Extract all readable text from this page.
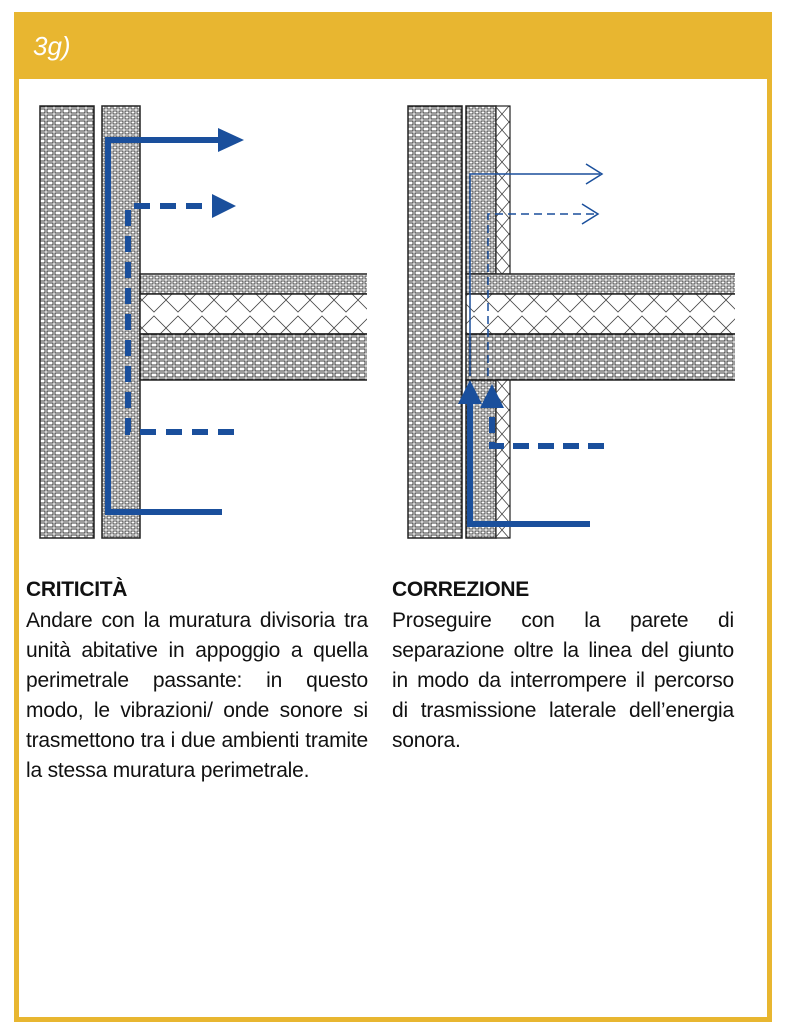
3g)
CRITICITÀ

Andare con la muratura divisoria tra unità abitative in appoggio a quella perimetrale passante: in questo modo, le vibrazioni/ onde sonore si trasmettono tra i due ambienti tramite la stessa muratura perimetrale.

CORREZIONE

Proseguire con la parete di separazione oltre la linea del giunto in modo da interrompere il percorso di trasmissione laterale dell’energia sonora.
